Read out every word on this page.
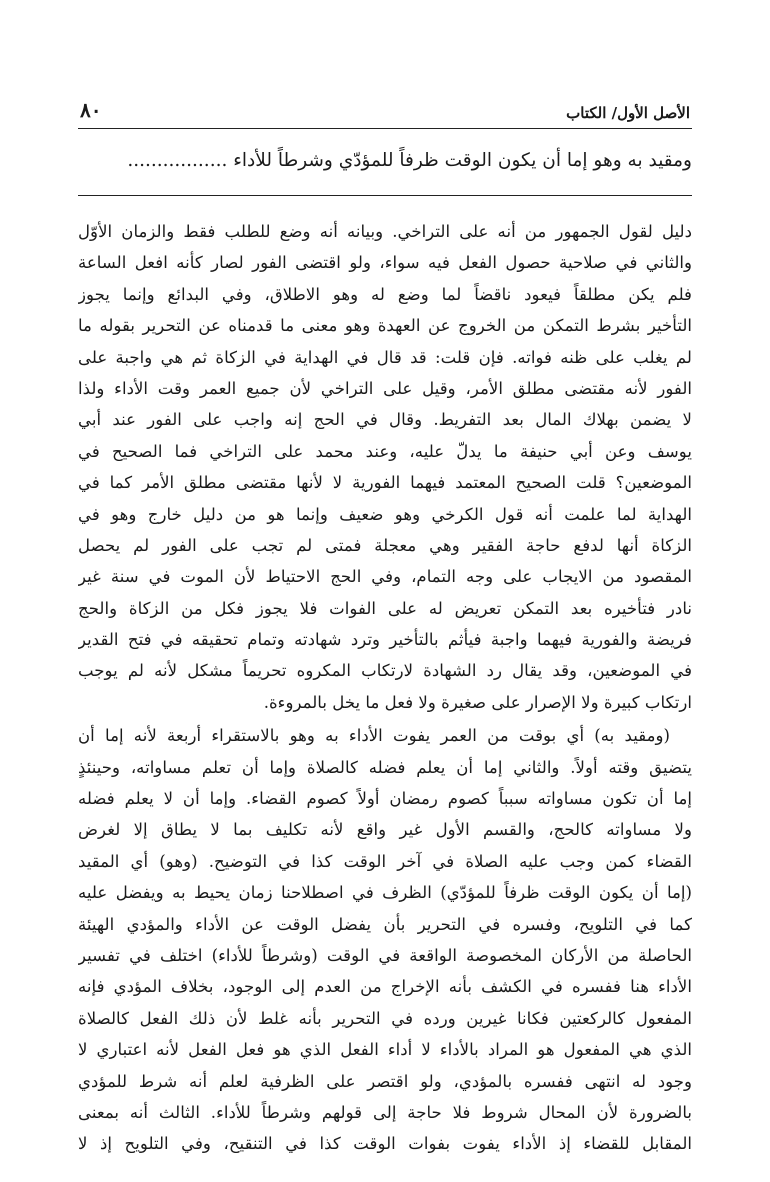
الأصل الأول/ الكتاب
٨٠
ومقيد به وهو إما أن يكون الوقت ظرفاً للمؤدّي وشرطاً للأداء .................
دليل لقول الجمهور من أنه على التراخي. وبيانه أنه وضع للطلب فقط والزمان الأوّل
والثاني في صلاحية حصول الفعل فيه سواء، ولو اقتضى الفور لصار كأنه افعل الساعة
فلم يكن مطلقاً فيعود ناقضاً لما وضع له وهو الاطلاق، وفي البدائع وإنما يجوز
التأخير بشرط التمكن من الخروج عن العهدة وهو معنى ما قدمناه عن التحرير بقوله ما
لم يغلب على ظنه فواته. فإن قلت: قد قال في الهداية في الزكاة ثم هي واجبة على
الفور لأنه مقتضى مطلق الأمر، وقيل على التراخي لأن جميع العمر وقت الأداء ولذا
لا يضمن بهلاك المال بعد التفريط. وقال في الحج إنه واجب على الفور عند أبي
يوسف وعن أبي حنيفة ما يدلّ عليه، وعند محمد على التراخي فما الصحيح في
الموضعين؟ قلت الصحيح المعتمد فيهما الفورية لا لأنها مقتضى مطلق الأمر كما في
الهداية لما علمت أنه قول الكرخي وهو ضعيف وإنما هو من دليل خارج وهو في
الزكاة أنها لدفع حاجة الفقير وهي معجلة فمتى لم تجب على الفور لم يحصل
المقصود من الايجاب على وجه التمام، وفي الحج الاحتياط لأن الموت في سنة غير
نادر فتأخيره بعد التمكن تعريض له على الفوات فلا يجوز فكل من الزكاة والحج
فريضة والفورية فيهما واجبة فيأثم بالتأخير وترد شهادته وتمام تحقيقه في فتح القدير
في الموضعين، وقد يقال رد الشهادة لارتكاب المكروه تحريماً مشكل لأنه لم يوجب
ارتكاب كبيرة ولا الإصرار على صغيرة ولا فعل ما يخل بالمروءة.
(ومقيد به) أي بوقت من العمر يفوت الأداء به وهو بالاستقراء أربعة لأنه إما أن
يتضيق وقته أولاً. والثاني إما أن يعلم فضله كالصلاة وإما أن تعلم مساواته، وحينئذٍ
إما أن تكون مساواته سبباً كصوم رمضان أولاً كصوم القضاء. وإما أن لا يعلم فضله
ولا مساواته كالحج، والقسم الأول غير واقع لأنه تكليف بما لا يطاق إلا لغرض
القضاء كمن وجب عليه الصلاة في آخر الوقت كذا في التوضيح. (وهو) أي المقيد
(إما أن يكون الوقت ظرفاً للمؤدّي) الظرف في اصطلاحنا زمان يحيط به ويفضل عليه
كما في التلويح، وفسره في التحرير بأن يفضل الوقت عن الأداء والمؤدي الهيئة
الحاصلة من الأركان المخصوصة الواقعة في الوقت (وشرطاً للأداء) اختلف في تفسير
الأداء هنا ففسره في الكشف بأنه الإخراج من العدم إلى الوجود، بخلاف المؤدي فإنه
المفعول كالركعتين فكانا غيرين ورده في التحرير بأنه غلط لأن ذلك الفعل كالصلاة
الذي هي المفعول هو المراد بالأداء لا أداء الفعل الذي هو فعل الفعل لأنه اعتباري لا
وجود له انتهى ففسره بالمؤدي، ولو اقتصر على الظرفية لعلم أنه شرط للمؤدي
بالضرورة لأن المحال شروط فلا حاجة إلى قولهم وشرطاً للأداء. الثالث أنه بمعنى
المقابل للقضاء إذ الأداء يفوت بفوات الوقت كذا في التنقيح، وفي التلويح إذ لا
